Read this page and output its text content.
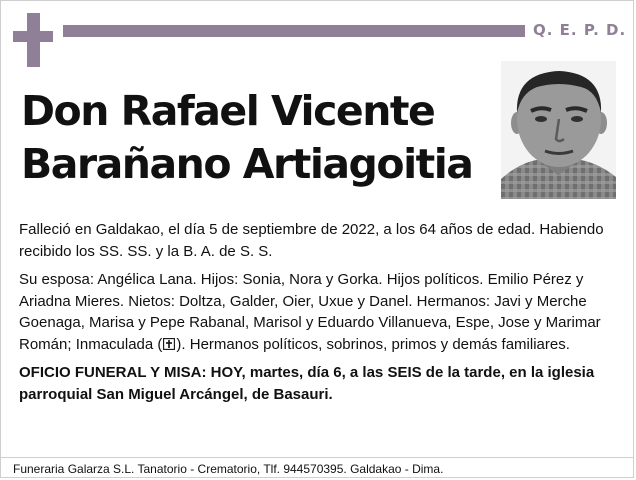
Q. E. P. D.
Don Rafael Vicente
Barañano Artiagoitia

Falleció en Galdakao, el día 5 de septiembre de 2022, a los 64 años de edad. Habiendo recibido los SS. SS. y la B. A. de S. S.

Su esposa: Angélica Lana. Hijos: Sonia, Nora y Gorka. Hijos políticos. Emilio Pérez y Ariadna Mieres. Nietos: Doltza, Galder, Oier, Uxue y Danel. Hermanos: Javi y Merche Goenaga, Marisa y Pepe Rabanal, Marisol y Eduardo Villanueva, Espe, Jose y Marimar Román; Inmaculada ( ). Hermanos políticos, sobrinos, primos y demás familiares.

OFICIO FUNERAL Y MISA: HOY, martes, día 6, a las SEIS de la tarde, en la iglesia parroquial San Miguel Arcángel, de Basauri.

Funeraria Galarza S.L. Tanatorio - Crematorio, Tlf. 944570395. Galdakao - Dima.
